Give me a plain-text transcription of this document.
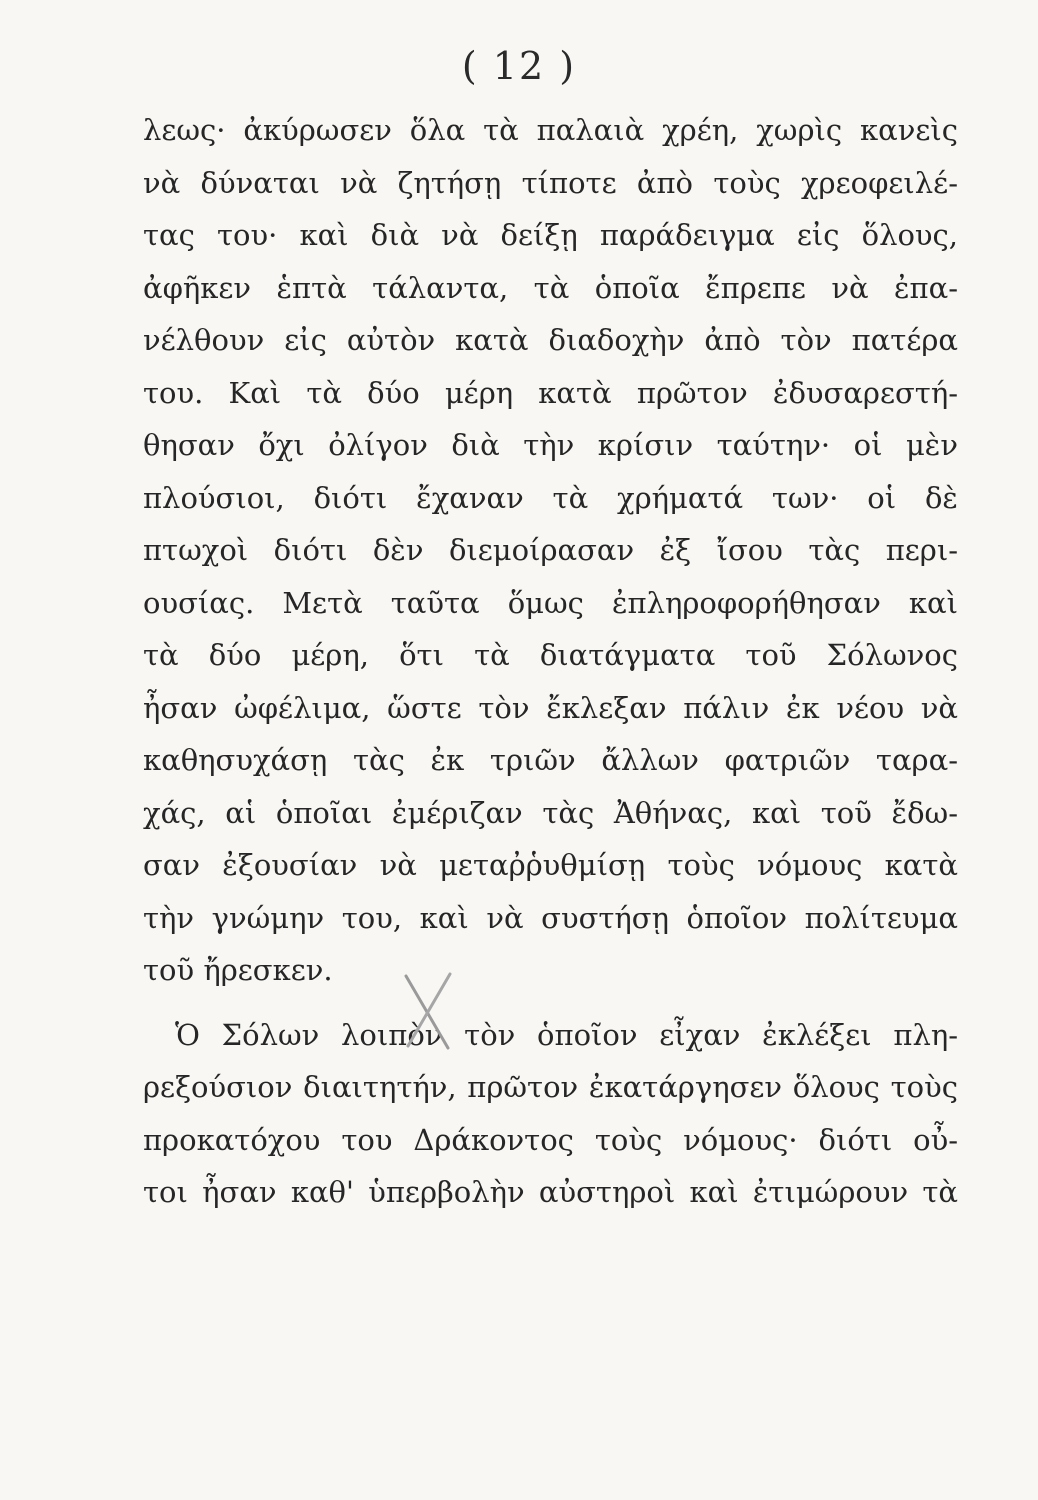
( 12 )
λεως· ἀκύρωσεν ὅλα τὰ παλαιὰ χρέη, χωρὶς κανεὶς
νὰ δύναται νὰ ζητήσῃ τίποτε ἀπὸ τοὺς χρεοφειλέ-
τας του· καὶ διὰ νὰ δείξῃ παράδειγμα εἰς ὅλους,
ἀφῆκεν ἑπτὰ τάλαντα, τὰ ὁποῖα ἔπρεπε νὰ ἐπα-
νέλθουν εἰς αὐτὸν κατὰ διαδοχὴν ἀπὸ τὸν πατέρα
του. Καὶ τὰ δύο μέρη κατὰ πρῶτον ἐδυσαρεστή-
θησαν ὄχι ὀλίγον διὰ τὴν κρίσιν ταύτην· οἱ μὲν
πλούσιοι, διότι ἔχαναν τὰ χρήματά των· οἱ δὲ
πτωχοὶ διότι δὲν διεμοίρασαν ἐξ ἴσου τὰς περι-
ουσίας. Μετὰ ταῦτα ὅμως ἐπληροφορήθησαν καὶ
τὰ δύο μέρη, ὅτι τὰ διατάγματα τοῦ Σόλωνος
ἦσαν ὠφέλιμα, ὥστε τὸν ἔκλεξαν πάλιν ἐκ νέου νὰ
καθησυχάσῃ τὰς ἐκ τριῶν ἄλλων φατριῶν ταρα-
χάς, αἱ ὁποῖαι ἐμέριζαν τὰς Ἀθήνας, καὶ τοῦ ἔδω-
σαν ἐξουσίαν νὰ μεταῤῥυθμίσῃ τοὺς νόμους κατὰ
τὴν γνώμην του, καὶ νὰ συστήσῃ ὁποῖον πολίτευμα
τοῦ ἤρεσκεν.
Ὁ Σόλων λοιπὸν τὸν ὁποῖον εἶχαν ἐκλέξει πλη-
ρεξούσιον διαιτητήν, πρῶτον ἐκατάργησεν ὅλους τοὺς
προκατόχου του Δράκοντος τοὺς νόμους· διότι οὖ-
τοι ἦσαν καθ' ὑπερβολὴν αὐστηροὶ καὶ ἐτιμώρουν τὰ
